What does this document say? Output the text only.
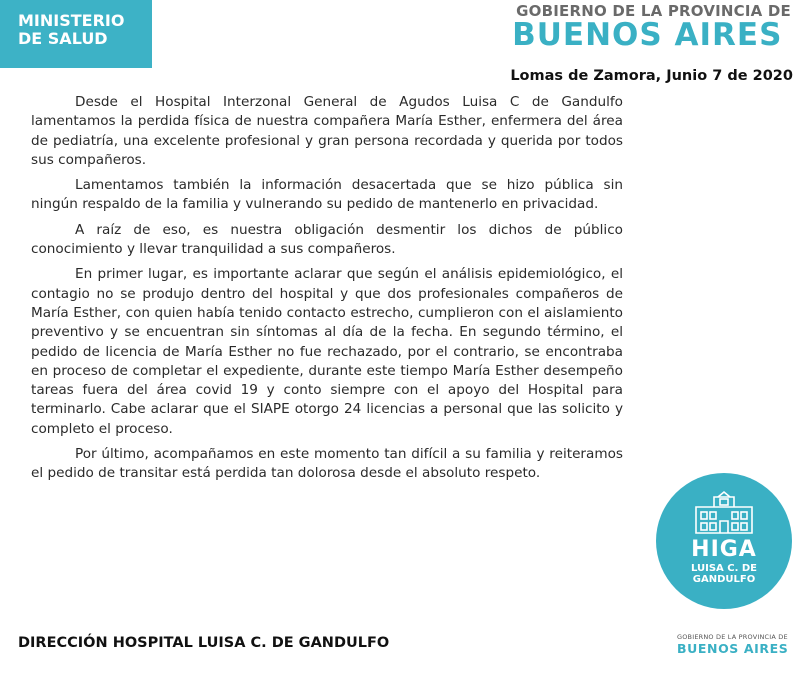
MINISTERIO DE SALUD
GOBIERNO DE LA PROVINCIA DE
BUENOS AIRES
Lomas de Zamora, Junio 7 de 2020

Desde el Hospital Interzonal General de Agudos Luisa C de Gandulfo lamentamos la perdida física de nuestra compañera María Esther, enfermera del área de pediatría, una excelente profesional y gran persona recordada y querida por todos sus compañeros.

Lamentamos también la información desacertada que se hizo pública sin ningún respaldo de la familia y vulnerando su pedido de mantenerlo en privacidad.

A raíz de eso, es nuestra obligación desmentir los dichos de público conocimiento y llevar tranquilidad a sus compañeros.

En primer lugar, es importante aclarar que según el análisis epidemiológico, el contagio no se produjo dentro del hospital y que dos profesionales compañeros de María Esther, con quien había tenido contacto estrecho, cumplieron con el aislamiento preventivo y se encuentran sin síntomas al día de la fecha. En segundo término, el pedido de licencia de María Esther no fue rechazado, por el contrario, se encontraba en proceso de completar el expediente, durante este tiempo María Esther desempeño tareas fuera del área covid 19 y conto siempre con el apoyo del Hospital para terminarlo. Cabe aclarar que el SIAPE otorgo 24 licencias a personal que las solicito y completo el proceso.

Por último, acompañamos en este momento tan difícil a su familia y reiteramos el pedido de transitar está perdida tan dolorosa desde el absoluto respeto.

DIRECCIÓN HOSPITAL LUISA C. DE GANDULFO
HIGA
LUISA C. DE GANDULFO
GOBIERNO DE LA PROVINCIA DE
BUENOS AIRES
